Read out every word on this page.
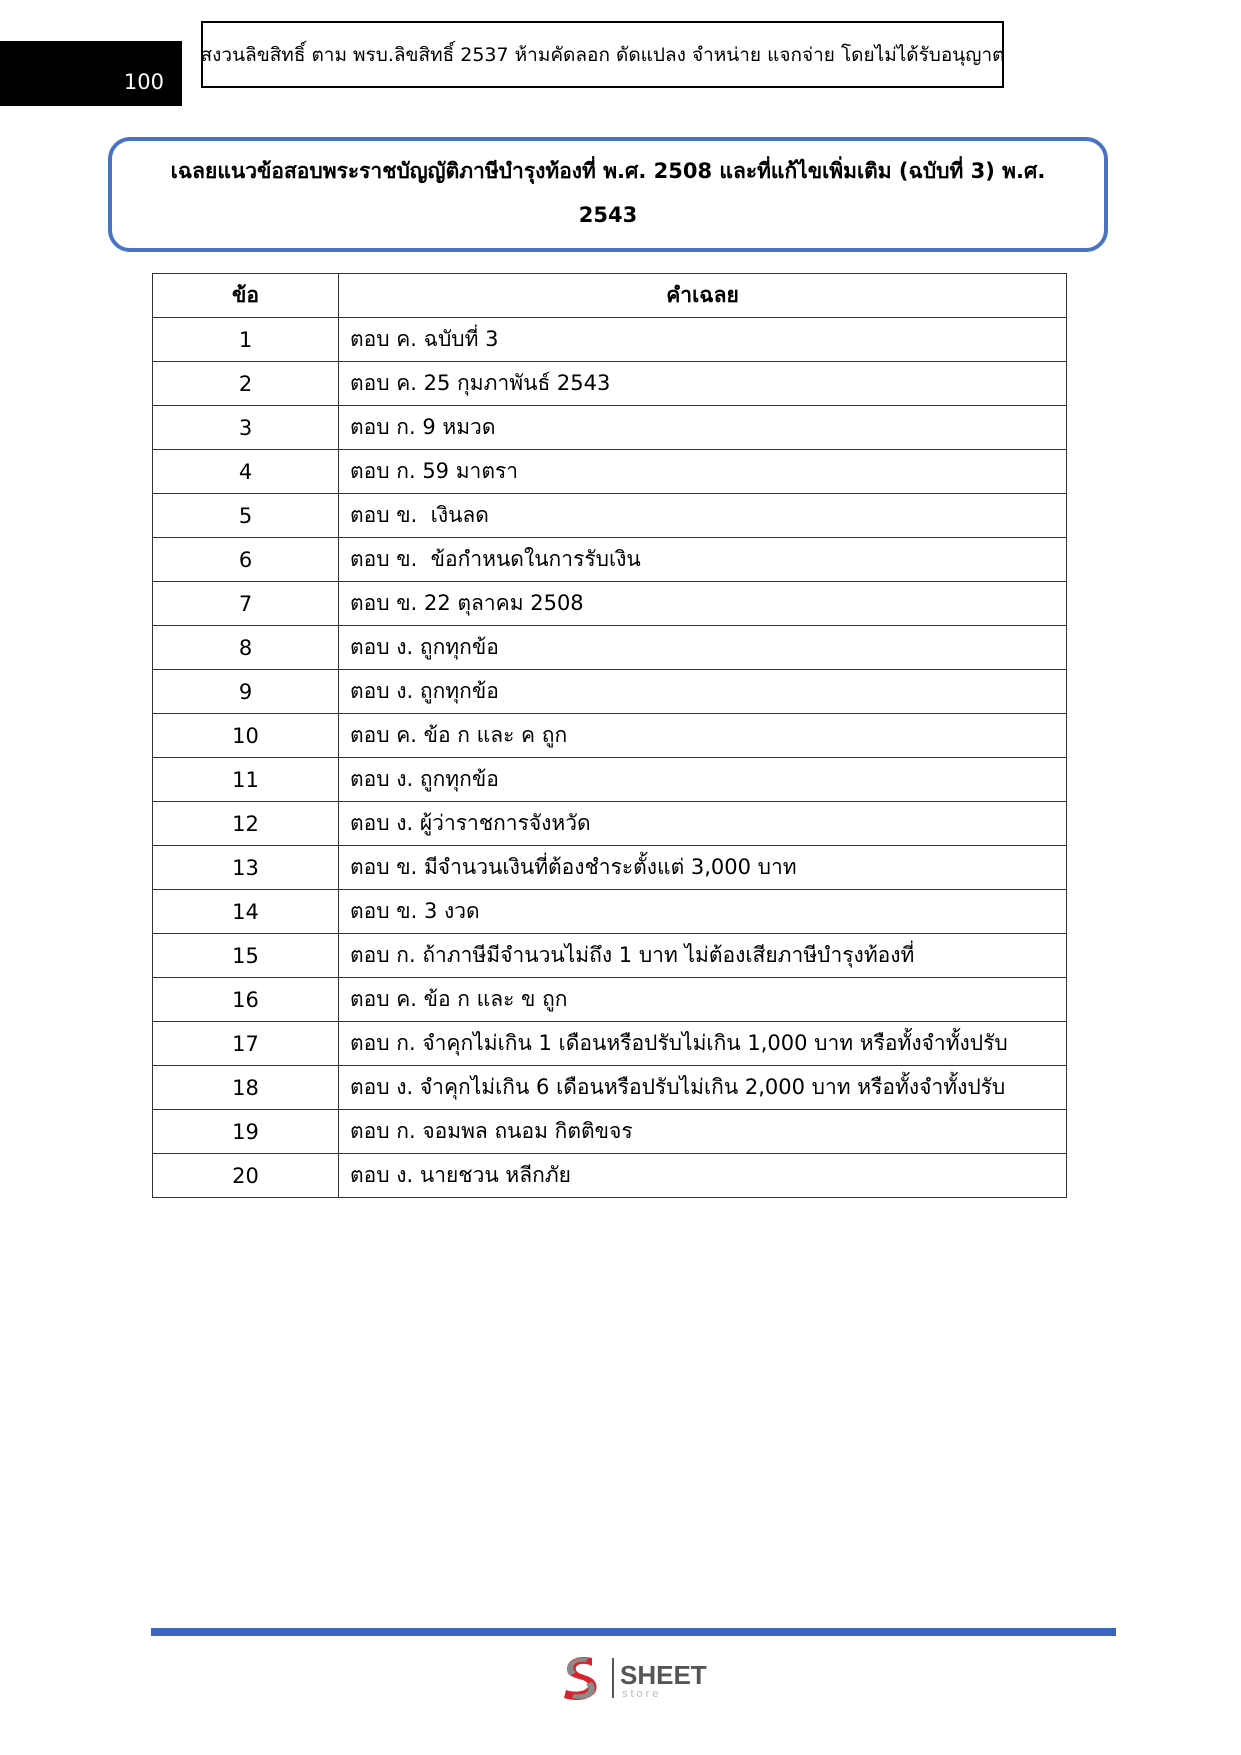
100
สงวนลิขสิทธิ์ ตาม พรบ.ลิขสิทธิ์ 2537 ห้ามคัดลอก ดัดแปลง จำหน่าย แจกจ่าย โดยไม่ได้รับอนุญาต
เฉลยแนวข้อสอบพระราชบัญญัติภาษีบำรุงท้องที่ พ.ศ. 2508 และที่แก้ไขเพิ่มเติม (ฉบับที่ 3) พ.ศ.
2543
ข้อ	คำเฉลย
1	ตอบ ค. ฉบับที่ 3
2	ตอบ ค. 25 กุมภาพันธ์ 2543
3	ตอบ ก. 9 หมวด
4	ตอบ ก. 59 มาตรา
5	ตอบ ข.  เงินลด
6	ตอบ ข.  ข้อกำหนดในการรับเงิน
7	ตอบ ข. 22 ตุลาคม 2508
8	ตอบ ง. ถูกทุกข้อ
9	ตอบ ง. ถูกทุกข้อ
10	ตอบ ค. ข้อ ก และ ค ถูก
11	ตอบ ง. ถูกทุกข้อ
12	ตอบ ง. ผู้ว่าราชการจังหวัด
13	ตอบ ข. มีจำนวนเงินที่ต้องชำระตั้งแต่ 3,000 บาท
14	ตอบ ข. 3 งวด
15	ตอบ ก. ถ้าภาษีมีจำนวนไม่ถึง 1 บาท ไม่ต้องเสียภาษีบำรุงท้องที่
16	ตอบ ค. ข้อ ก และ ข ถูก
17	ตอบ ก. จำคุกไม่เกิน 1 เดือนหรือปรับไม่เกิน 1,000 บาท หรือทั้งจำทั้งปรับ
18	ตอบ ง. จำคุกไม่เกิน 6 เดือนหรือปรับไม่เกิน 2,000 บาท หรือทั้งจำทั้งปรับ
19	ตอบ ก. จอมพล ถนอม กิตติขจร
20	ตอบ ง. นายชวน หลีกภัย
SHEET
store
